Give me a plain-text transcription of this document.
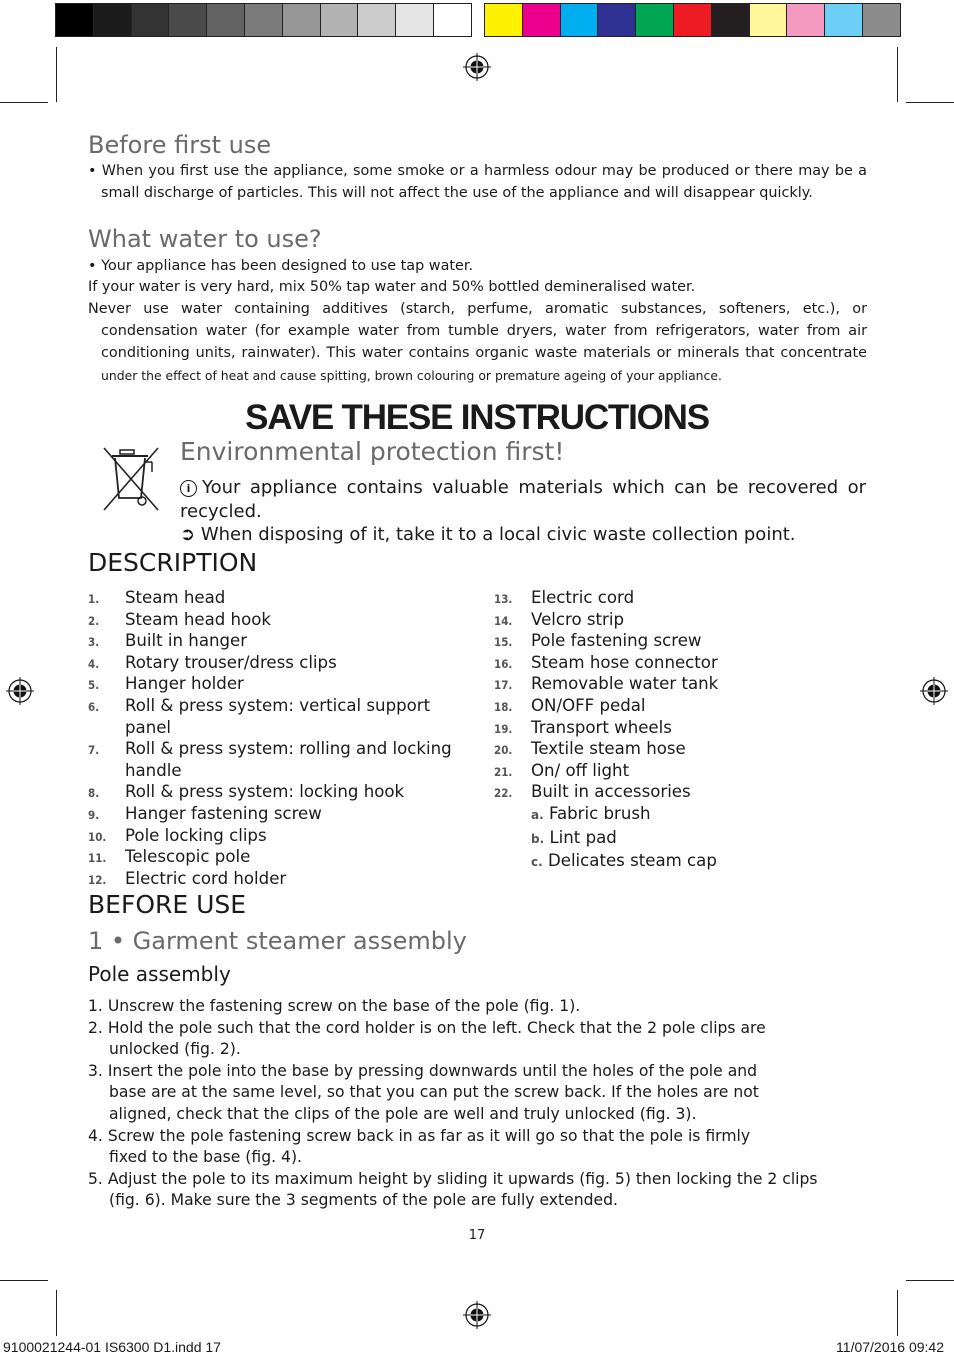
Before first use
• When you first use the appliance, some smoke or a harmless odour may be produced or there may be a small discharge of particles. This will not affect the use of the appliance and will disappear quickly.
What water to use?
• Your appliance has been designed to use tap water.
If your water is very hard, mix 50% tap water and 50% bottled demineralised water.
Never use water containing additives (starch, perfume, aromatic substances, softeners, etc.), or condensation water (for example water from tumble dryers, water from refrigerators, water from air conditioning units, rainwater). This water contains organic waste materials or minerals that concentrate under the effect of heat and cause spitting, brown colouring or premature ageing of your appliance.
SAVE THESE INSTRUCTIONS
Environmental protection first!
i Your appliance contains valuable materials which can be recovered or recycled.
➲ When disposing of it, take it to a local civic waste collection point.
DESCRIPTION
1. Steam head
2. Steam head hook
3. Built in hanger
4. Rotary trouser/dress clips
5. Hanger holder
6. Roll & press system: vertical support panel
7. Roll & press system: rolling and locking handle
8. Roll & press system: locking hook
9. Hanger fastening screw
10. Pole locking clips
11. Telescopic pole
12. Electric cord holder
13. Electric cord
14. Velcro strip
15. Pole fastening screw
16. Steam hose connector
17. Removable water tank
18. ON/OFF pedal
19. Transport wheels
20. Textile steam hose
21. On/ off light
22. Built in accessories
a. Fabric brush
b. Lint pad
c. Delicates steam cap
BEFORE USE
1 • Garment steamer assembly
Pole assembly
1. Unscrew the fastening screw on the base of the pole (fig. 1).
2. Hold the pole such that the cord holder is on the left. Check that the 2 pole clips are
unlocked (fig. 2).
3. Insert the pole into the base by pressing downwards until the holes of the pole and
base are at the same level, so that you can put the screw back. If the holes are not
aligned, check that the clips of the pole are well and truly unlocked (fig. 3).
4. Screw the pole fastening screw back in as far as it will go so that the pole is firmly
fixed to the base (fig. 4).
5. Adjust the pole to its maximum height by sliding it upwards (fig. 5) then locking the 2 clips
(fig. 6). Make sure the 3 segments of the pole are fully extended.
17
9100021244-01 IS6300 D1.indd 17	11/07/2016 09:42
